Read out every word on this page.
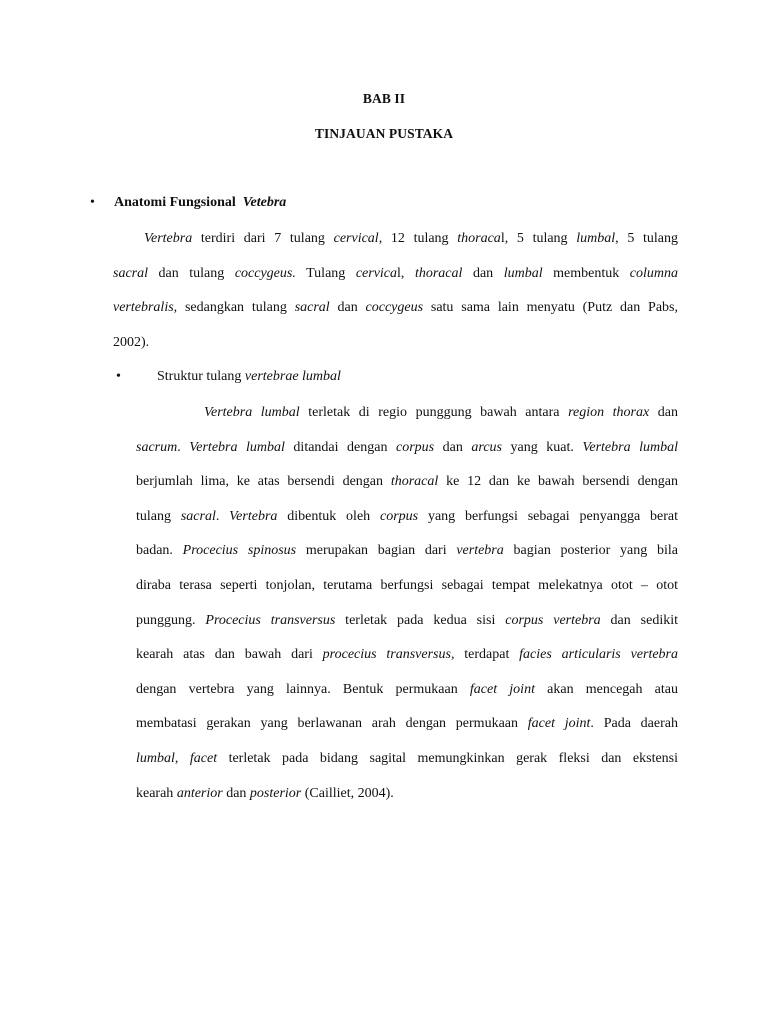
BAB II
TINJAUAN PUSTAKA
• Anatomi Fungsional Vetebra
Vertebra terdiri dari 7 tulang cervical, 12 tulang thoracal, 5 tulang lumbal, 5 tulang
sacral dan tulang coccygeus. Tulang cervical, thoracal dan lumbal membentuk columna
vertebralis, sedangkan tulang sacral dan coccygeus satu sama lain menyatu (Putz dan Pabs,
2002).
•	Struktur tulang vertebrae lumbal
Vertebra lumbal terletak di regio punggung bawah antara region thorax dan
sacrum. Vertebra lumbal ditandai dengan corpus dan arcus yang kuat. Vertebra lumbal
berjumlah lima, ke atas bersendi dengan thoracal ke 12 dan ke bawah bersendi dengan
tulang sacral. Vertebra dibentuk oleh corpus yang berfungsi sebagai penyangga berat
badan. Procecius spinosus merupakan bagian dari vertebra bagian posterior yang bila
diraba terasa seperti tonjolan, terutama berfungsi sebagai tempat melekatnya otot – otot
punggung. Procecius transversus terletak pada kedua sisi corpus vertebra dan sedikit
kearah atas dan bawah dari procecius transversus, terdapat facies articularis vertebra
dengan vertebra yang lainnya. Bentuk permukaan facet joint akan mencegah atau
membatasi gerakan yang berlawanan arah dengan permukaan facet joint. Pada daerah
lumbal, facet terletak pada bidang sagital memungkinkan gerak fleksi dan ekstensi
kearah anterior dan posterior (Cailliet, 2004).
